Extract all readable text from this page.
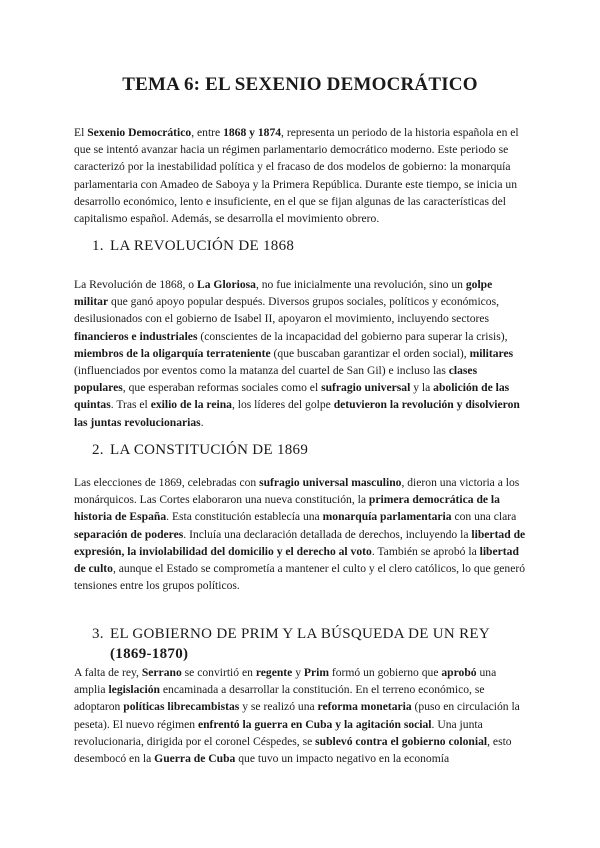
TEMA 6: EL SEXENIO DEMOCRÁTICO

El Sexenio Democrático, entre 1868 y 1874, representa un periodo de la historia española en el que se intentó avanzar hacia un régimen parlamentario democrático moderno. Este periodo se caracterizó por la inestabilidad política y el fracaso de dos modelos de gobierno: la monarquía parlamentaria con Amadeo de Saboya y la Primera República. Durante este tiempo, se inicia un desarrollo económico, lento e insuficiente, en el que se fijan algunas de las características del capitalismo español. Además, se desarrolla el movimiento obrero.

1. LA REVOLUCIÓN DE 1868

La Revolución de 1868, o La Gloriosa, no fue inicialmente una revolución, sino un golpe militar que ganó apoyo popular después. Diversos grupos sociales, políticos y económicos, desilusionados con el gobierno de Isabel II, apoyaron el movimiento, incluyendo sectores financieros e industriales (conscientes de la incapacidad del gobierno para superar la crisis), miembros de la oligarquía terrateniente (que buscaban garantizar el orden social), militares (influenciados por eventos como la matanza del cuartel de San Gil) e incluso las clases populares, que esperaban reformas sociales como el sufragio universal y la abolición de las quintas. Tras el exilio de la reina, los líderes del golpe detuvieron la revolución y disolvieron las juntas revolucionarias.

2. LA CONSTITUCIÓN DE 1869

Las elecciones de 1869, celebradas con sufragio universal masculino, dieron una victoria a los monárquicos. Las Cortes elaboraron una nueva constitución, la primera democrática de la historia de España. Esta constitución establecía una monarquía parlamentaria con una clara separación de poderes. Incluía una declaración detallada de derechos, incluyendo la libertad de expresión, la inviolabilidad del domicilio y el derecho al voto. También se aprobó la libertad de culto, aunque el Estado se comprometía a mantener el culto y el clero católicos, lo que generó tensiones entre los grupos políticos.

3. EL GOBIERNO DE PRIM Y LA BÚSQUEDA DE UN REY
(1869-1870)

A falta de rey, Serrano se convirtió en regente y Prim formó un gobierno que aprobó una amplia legislación encaminada a desarrollar la constitución. En el terreno económico, se adoptaron políticas librecambistas y se realizó una reforma monetaria (puso en circulación la peseta). El nuevo régimen enfrentó la guerra en Cuba y la agitación social. Una junta revolucionaria, dirigida por el coronel Céspedes, se sublevó contra el gobierno colonial, esto desembocó en la Guerra de Cuba que tuvo un impacto negativo en la economía
